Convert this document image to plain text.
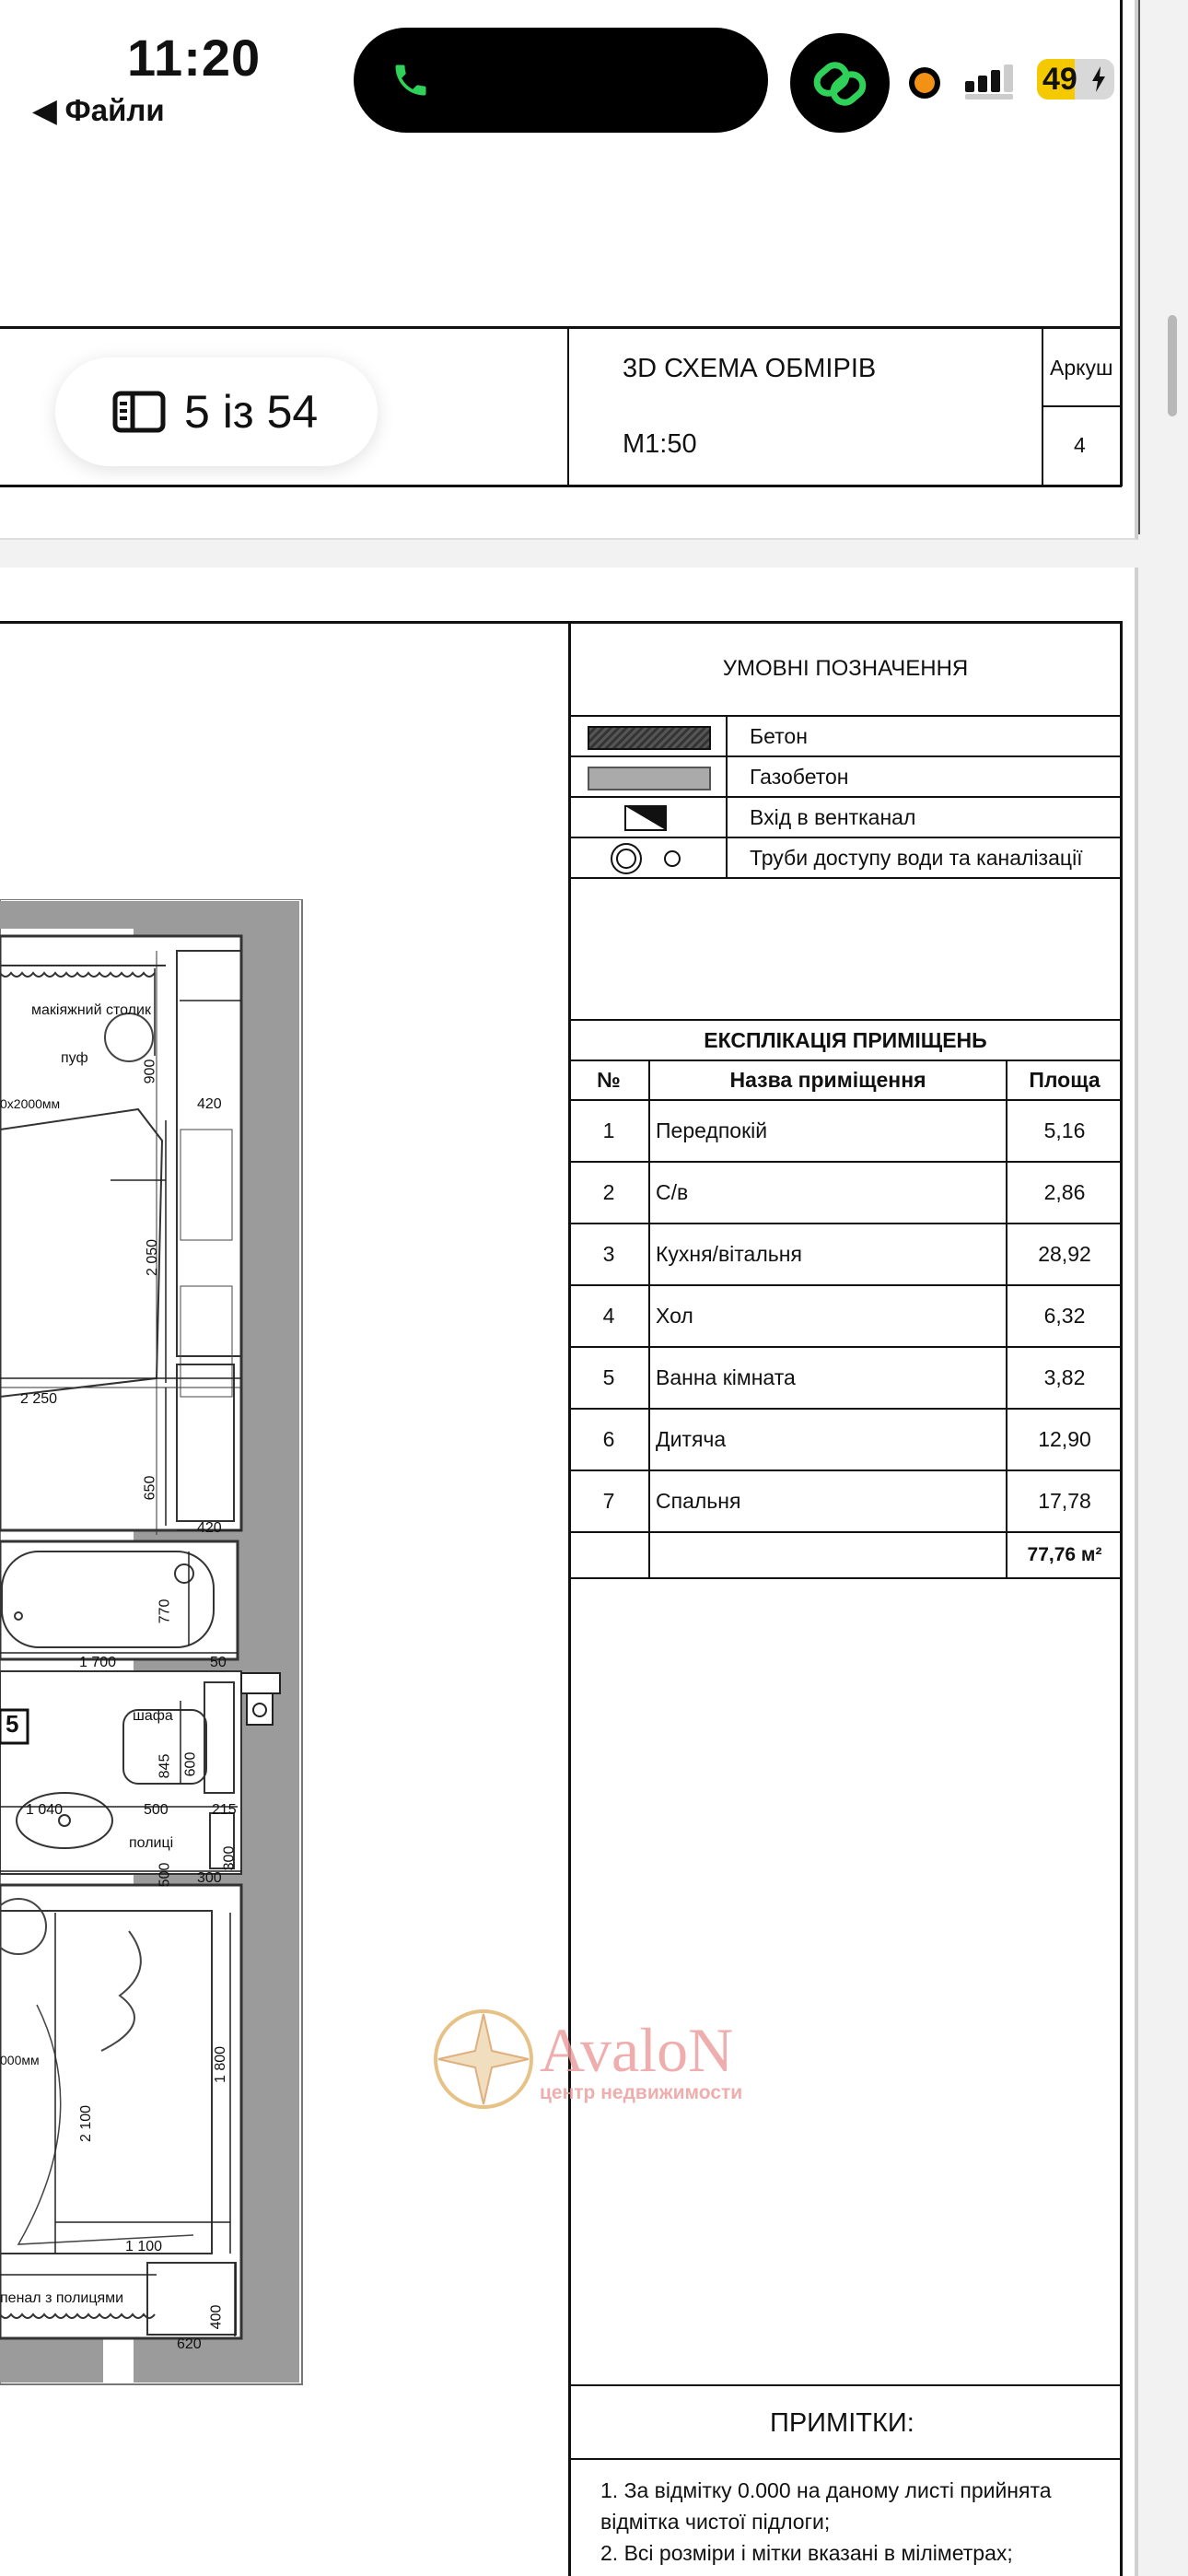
3D СХЕМА ОБМІРІВ
М1:50
Аркуш
4
макіяжний столик
пуф
0x2000мм
900
420
2 050
2 250
650
420
770
1 700	50
5	шафа
845 600
1 040	500	215
полиці
500 300
300
000мм
2 100
1 800
1 100
пенал з полицями
400
620
УМОВНІ ПОЗНАЧЕННЯ
Бетон
Газобетон
Вхід в вентканал
Труби доступу води та каналізації
ЕКСПЛІКАЦІЯ ПРИМІЩЕНЬ
№	Назва приміщення	Площа
1	Передпокій	5,16
2	С/в	2,86
3	Кухня/вітальня	28,92
4	Хол	6,32
5	Ванна кімната	3,82
6	Дитяча	12,90
7	Спальня	17,78
		77,76 м²
ПРИМІТКИ:
1. За відмітку 0.000 на даному листі прийнята
відмітка чистої підлоги;
2. Всі розміри і мітки вказані в міліметрах;
AvaloN
центр недвижимости
11:20
◀ Файли
49
5 із 54
